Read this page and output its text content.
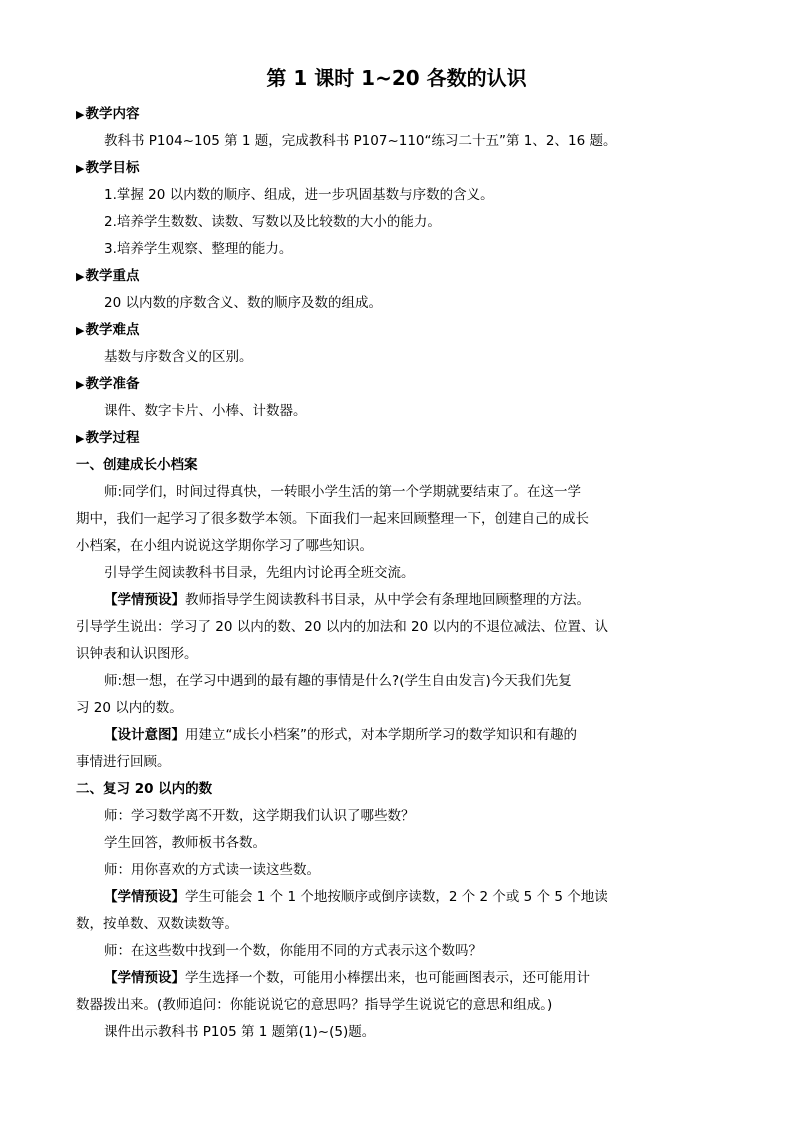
第 1 课时 1~20 各数的认识
▶教学内容
教科书 P104~105 第 1 题，完成教科书 P107~110“练习二十五”第 1、2、16 题。
▶教学目标
1.掌握 20 以内数的顺序、组成，进一步巩固基数与序数的含义。
2.培养学生数数、读数、写数以及比较数的大小的能力。
3.培养学生观察、整理的能力。
▶教学重点
20 以内数的序数含义、数的顺序及数的组成。
▶教学难点
基数与序数含义的区别。
▶教学准备
课件、数字卡片、小棒、计数器。
▶教学过程
一、创建成长小档案
师:同学们，时间过得真快，一转眼小学生活的第一个学期就要结束了。在这一学
期中，我们一起学习了很多数学本领。下面我们一起来回顾整理一下，创建自己的成长
小档案，在小组内说说这学期你学习了哪些知识。
引导学生阅读教科书目录，先组内讨论再全班交流。
【学情预设】教师指导学生阅读教科书目录，从中学会有条理地回顾整理的方法。
引导学生说出：学习了 20 以内的数、20 以内的加法和 20 以内的不退位减法、位置、认
识钟表和认识图形。
师:想一想，在学习中遇到的最有趣的事情是什么?(学生自由发言)今天我们先复
习 20 以内的数。
【设计意图】用建立“成长小档案”的形式，对本学期所学习的数学知识和有趣的
事情进行回顾。
二、复习 20 以内的数
师：学习数学离不开数，这学期我们认识了哪些数？
学生回答，教师板书各数。
师：用你喜欢的方式读一读这些数。
【学情预设】学生可能会 1 个 1 个地按顺序或倒序读数，2 个 2 个或 5 个 5 个地读
数，按单数、双数读数等。
师：在这些数中找到一个数，你能用不同的方式表示这个数吗？
【学情预设】学生选择一个数，可能用小棒摆出来，也可能画图表示，还可能用计
数器拨出来。(教师追问：你能说说它的意思吗？指导学生说说它的意思和组成。)
课件出示教科书 P105 第 1 题第(1)~(5)题。
